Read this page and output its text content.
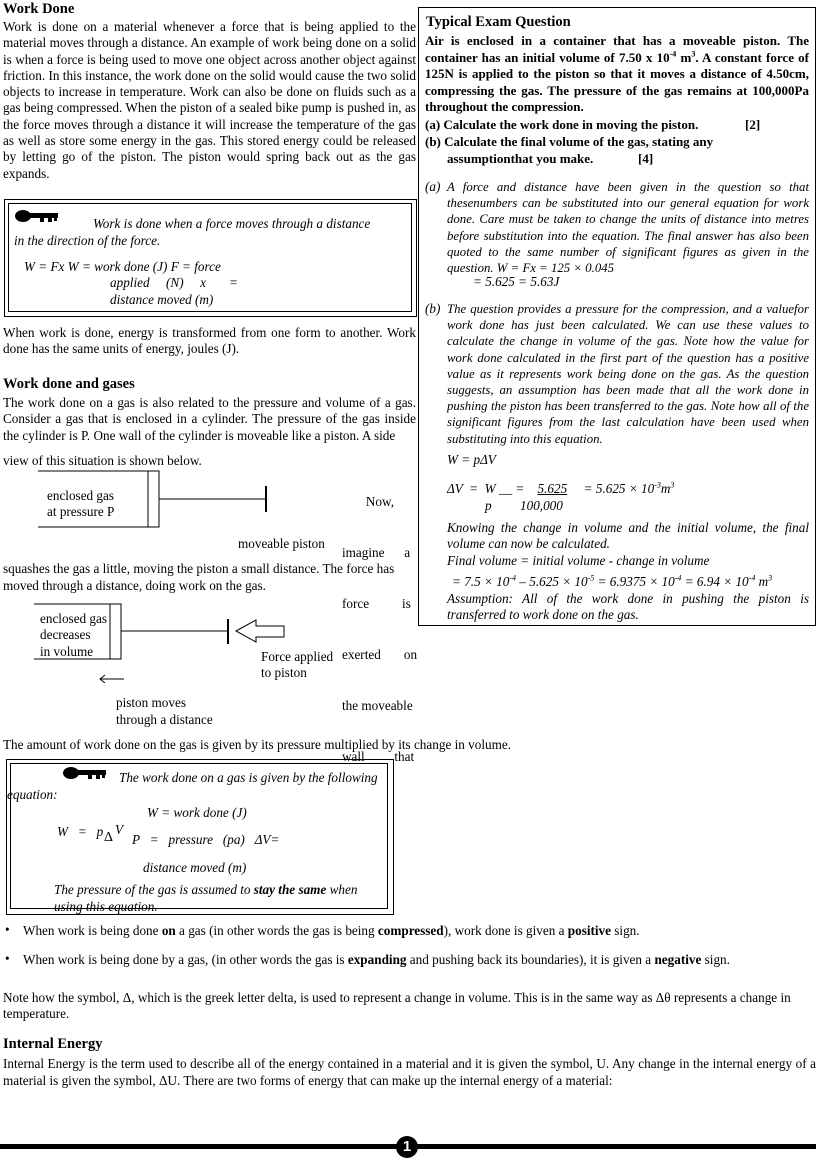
Work Done

Work is done on a material whenever a force that is being applied to the material moves through a distance. An example of work being done on a solid is when a force is being used to move one object across another object against friction. In this instance, the work done on the solid would cause the two solid objects to increase in temperature. Work can also be done on fluids such as a gas being compressed. When the piston of a sealed bike pump is pushed in, as the force moves through a distance it will increase the temperature of the gas as well as store some energy in the gas. This stored energy could be released by letting go of the piston. The piston would spring back out as the gas expands.

Work is done when a force moves through a distance
in the direction of the force.
W = Fx W = work done (J) F = force
applied     (N)     x       =
distance moved (m)

When work is done, energy is transformed from one form to another. Work done has the same units of energy, joules (J).

Work done and gases

The work done on a gas is also related to the pressure and volume of a gas. Consider a gas that is enclosed in a cylinder. The pressure of the gas inside the cylinder is P. One wall of the cylinder is moveable like a piston. A side

view of this situation is shown below.
enclosed gas
at pressure P
moveable piston

Now,

imagine      a

force          is

exerted       on

the moveable

wall         that

squashes the gas a little, moving the piston a small distance. The force has
moved through a distance, doing work on the gas.
enclosed gas
decreases
in volume	Force applied
to piston
piston moves
through a distance
The amount of work done on the gas is given by its pressure multiplied by its change in volume.
The work done on a gas is given by the following
equation:
W = work done (J)
W   =   p Δ
V
P   =   pressure   (pa)   ΔV=
distance moved (m)
The pressure of the gas is assumed to stay the same when
using this equation.
• When work is being done on a gas (in other words the gas is being compressed), work done is given a positive sign.
• When work is being done by a gas, (in other words the gas is expanding and pushing back its boundaries), it is given a negative sign.

Note how the symbol, Δ, which is the greek letter delta, is used to represent a change in volume. This is in the same way as Δθ represents a change in temperature.

Internal Energy

Internal Energy is the term used to describe all of the energy contained in a material and it is given the symbol, U. Any change in the internal energy of a material is given the symbol, ΔU. There are two forms of energy that can make up the internal energy of a material:

1
Typical Exam Question
Air is enclosed in a container that has a moveable piston. The container has an initial volume of 7.50 x $10^{-4}$ $m^3$. A constant force of 125N is applied to the piston so that it moves a distance of 4.50cm, compressing the gas. The pressure of the gas remains at 100,000Pa throughout the compression.
(a) Calculate the work done in moving the piston.	[2]
(b) Calculate the final volume of the gas, stating any
assumptionthat you make.	[4]
(a) A force and distance have been given in the question so that thesenumbers can be substituted into our general equation for work done. Care must be taken to change the units of distance into metres before substitution into the equation. The final answer has also been quoted to the same number of significant figures as given in the question. W = Fx = 125 × 0.045
= 5.625 = 5.63J
(b) The question provides a pressure for the compression, and a valuefor work done has just been calculated. We can use these values to calculate the change in volume of the gas. Note how the value for work done calculated in the first part of the question has a positive value as it represents work being done on the gas. As the question suggests, an assumption has been made that all the work done in pushing the piston has been transferred to the gas. Note how all of the significant figures from the last calculation have been used when substituting into this equation.
W = pΔV
ΔV  =  W __ =    5.625     = $5.625 \times 10^{-3}m^3$
p 100,000
Knowing the change in volume and the initial volume, the final volume can now be calculated.
Final volume = initial volume - change in volume
= $7.5 \times 10^{-4} - 5.625 \times 10^{-5} = 6.9375 \times 10^{-4} = 6.94 \times 10^{-4}$ $m^3$
Assumption: All of the work done in pushing the piston is transferred to work done on the gas.
